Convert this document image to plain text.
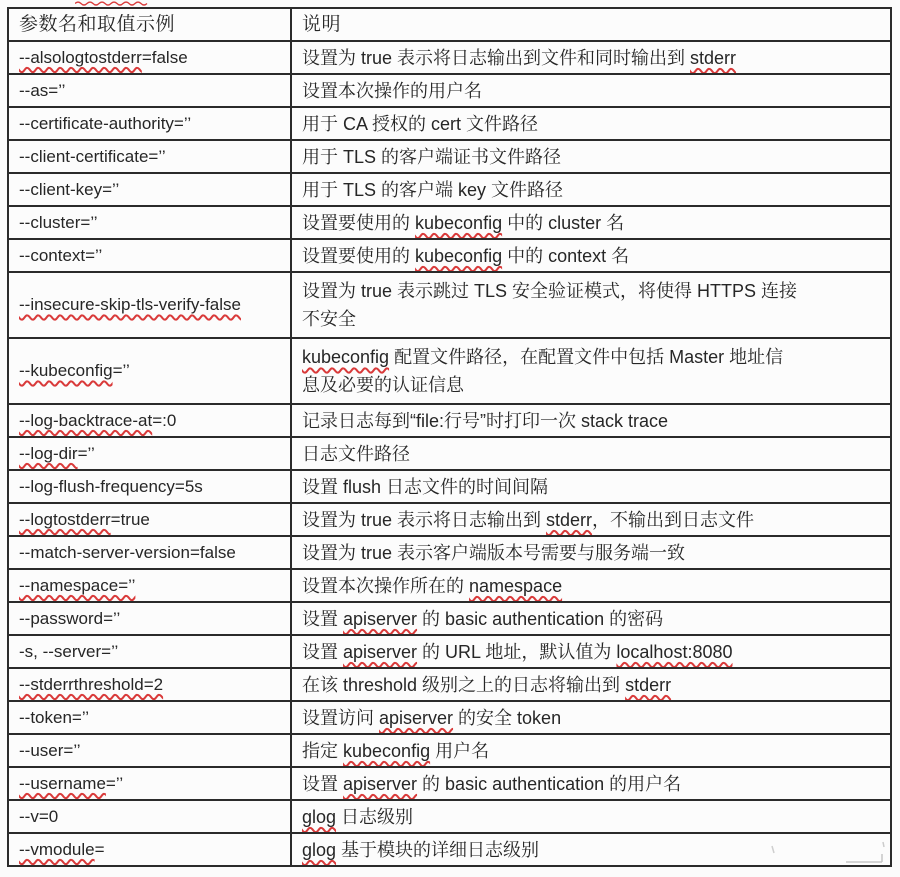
参数名和取值示例	说明
--alsologtostderr=false	设置为 true 表示将日志输出到文件和同时输出到 stderr
--as=’’	设置本次操作的用户名
--certificate-authority=’’	用于 CA 授权的 cert 文件路径
--client-certificate=’’	用于 TLS 的客户端证书文件路径
--client-key=’’	用于 TLS 的客户端 key 文件路径
--cluster=’’	设置要使用的 kubeconfig 中的 cluster 名
--context=’’	设置要使用的 kubeconfig 中的 context 名
--insecure-skip-tls-verify-false	设置为 true 表示跳过 TLS 安全验证模式，将使得 HTTPS 连接
不安全
--kubeconfig=’’	kubeconfig 配置文件路径，在配置文件中包括 Master 地址信
息及必要的认证信息
--log-backtrace-at=:0	记录日志每到“file:行号”时打印一次 stack trace
--log-dir=’’	日志文件路径
--log-flush-frequency=5s	设置 flush 日志文件的时间间隔
--logtostderr=true	设置为 true 表示将日志输出到 stderr，不输出到日志文件
--match-server-version=false	设置为 true 表示客户端版本号需要与服务端一致
--namespace=’’	设置本次操作所在的 namespace
--password=’’	设置 apiserver 的 basic authentication 的密码
-s, --server=’’	设置 apiserver 的 URL 地址，默认值为 localhost:8080
--stderrthreshold=2	在该 threshold 级别之上的日志将输出到 stderr
--token=’’	设置访问 apiserver 的安全 token
--user=’’	指定 kubeconfig 用户名
--username=’’	设置 apiserver 的 basic authentication 的用户名
--v=0	glog 日志级别
--vmodule=	glog 基于模块的详细日志级别
